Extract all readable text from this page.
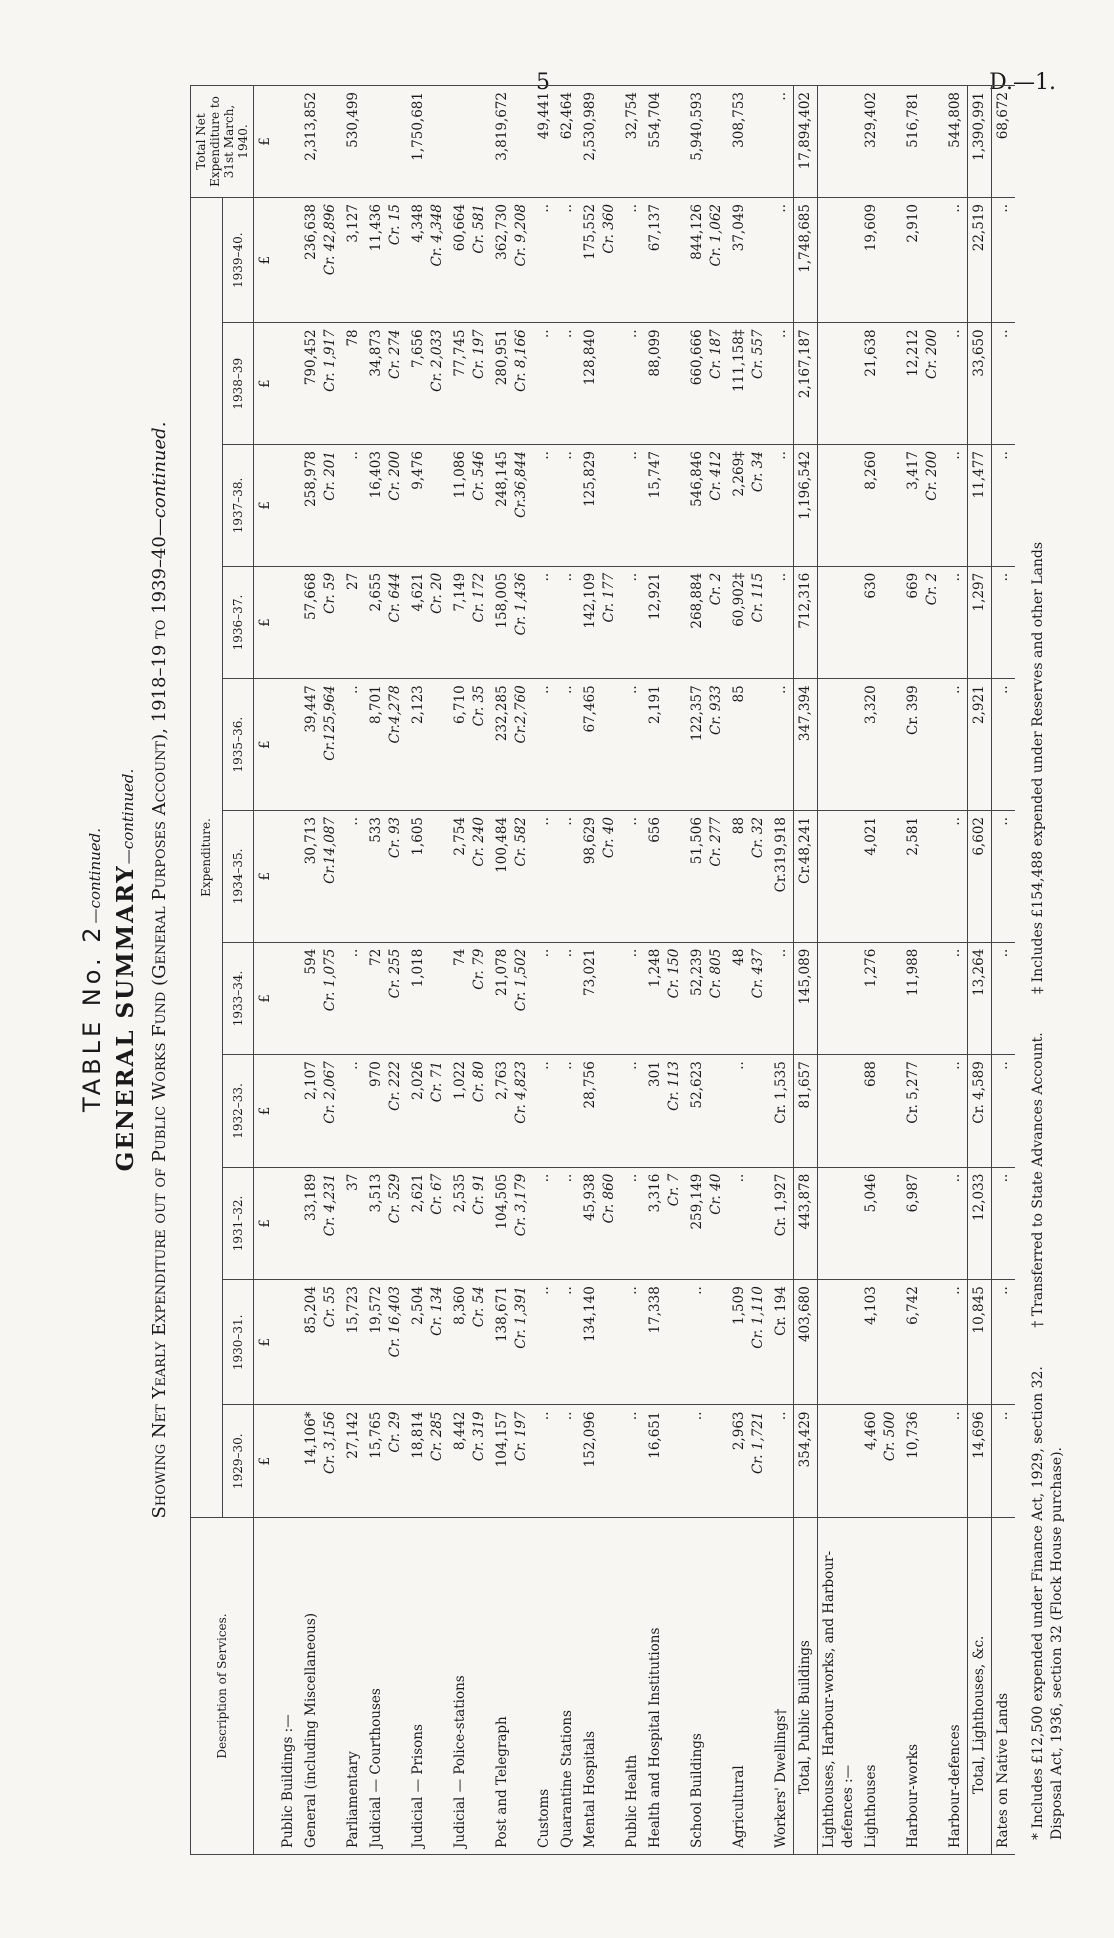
5	D.—1.
TABLE No. 2—continued. GENERAL SUMMARY—continued. Showing Net Yearly Expenditure out of Public Works Fund (General Purposes Account), 1918–19 to 1939–40—continued.
Description of Services.	Expenditure.											Total Net Expenditure to 31st March, 1940.
	1929–30.	1930–31.	1931–32.	1932–33.	1933–34.	1934–35.	1935–36.	1936–37.	1937–38.	1938–39	1939–40.	
	£	£	£	£	£	£	£	£	£	£	£	£
Public Buildings :—	

General (including Miscellaneous)	14,106* Cr. 3,156	85,204 Cr. 55	33,189 Cr. 4,231	2,107 Cr. 2,067	594 Cr. 1,075	30,713 Cr.14,087	39,447 Cr.125,964	57,668 Cr. 59	258,978 Cr. 201	790,452 Cr. 1,917	236,638 Cr. 42,896	2,313,852
Parliamentary	27,142	15,723	37	..	..	..	..	27	..	78	3,127	530,499
Judicial — Courthouses	15,765 Cr. 29	19,572 Cr. 16,403	3,513 Cr. 529	970 Cr. 222	72 Cr. 255	533 Cr. 93	8,701 Cr.4,278	2,655 Cr. 644	16,403 Cr. 200	34,873 Cr. 274	11,436 Cr. 15	

Judicial — Prisons	18,814 Cr. 285	2,504 Cr. 134	2,621 Cr. 67	2,026 Cr. 71	1,018	1,605	2,123	4,621 Cr. 20	9,476	7,656 Cr. 2,033	4,348 Cr. 4,348	1,750,681
Judicial — Police-stations	8,442 Cr. 319	8,360 Cr. 54	2,535 Cr. 91	1,022 Cr. 80	74 Cr. 79	2,754 Cr. 240	6,710 Cr. 35	7,149 Cr. 172	11,086 Cr. 546	77,745 Cr. 197	60,664 Cr. 581	

Post and Telegraph	104,157 Cr. 197	138,671 Cr. 1,391	104,505 Cr. 3,179	2,763 Cr. 4,823	21,078 Cr. 1,502	100,484 Cr. 582	232,285 Cr.2,760	158,005 Cr. 1,436	248,145 Cr.36,844	280,951 Cr. 8,166	362,730 Cr. 9,208	3,819,672
Customs	..	..	..	..	..	..	..	..	..	..	..	49,441
Quarantine Stations	..	..	..	..	..	..	..	..	..	..	..	62,464
Mental Hospitals	152,096	134,140	45,938 Cr. 860	28,756	73,021	98,629 Cr. 40	67,465	142,109 Cr. 177	125,829	128,840	175,552 Cr. 360	2,530,989
Public Health	..	..	..	..	..	..	..	..	..	..	..	32,754
Health and Hospital Institutions	16,651	17,338	3,316 Cr. 7	301 Cr. 113	1,248 Cr. 150	656	2,191	12,921	15,747	88,099	67,137	554,704
School Buildings	..	..	259,149 Cr. 40	52,623	52,239 Cr. 805	51,506 Cr. 277	122,357 Cr. 933	268,884 Cr. 2	546,846 Cr. 412	660,666 Cr. 187	844,126 Cr. 1,062	5,940,593
Agricultural	2,963 Cr. 1,721	1,509 Cr. 1,110	..	..	48 Cr. 437	88 Cr. 32	85	60,902‡ Cr. 115	2,269‡ Cr. 34	111,158‡ Cr. 557	37,049	308,753
Workers' Dwellings†	..	Cr. 194	Cr. 1,927	Cr. 1,535	..	Cr.319,918	..	..	..	..	..	..
Total, Public Buildings	354,429	403,680	443,878	81,657	145,089	Cr.48,241	347,394	712,316	1,196,542	2,167,187	1,748,685	17,894,402
Lighthouses, Harbour-works, and Harbour-defences :—	

Lighthouses	4,460 Cr. 500	4,103	5,046	688	1,276	4,021	3,320	630	8,260	21,638	19,609	329,402
Harbour-works	10,736	6,742	6,987	Cr. 5,277	11,988	2,581	Cr. 399	669 Cr. 2	3,417 Cr. 200	12,212 Cr. 200	2,910	516,781
Harbour-defences	..	..	..	..	..	..	..	..	..	..	..	544,808
Total, Lighthouses, &c.	14,696	10,845	12,033	Cr. 4,589	13,264	6,602	2,921	1,297	11,477	33,650	22,519	1,390,991
Rates on Native Lands	..	..	..	..	..	..	..	..	..	..	..	68,672
* Includes £12,500 expended under Finance Act, 1929, section 32. Disposal Act, 1936, section 32 (Flock House purchase).

† Transferred to State Advances Account.

‡ Includes £154,488 expended under Reserves and other Lands
